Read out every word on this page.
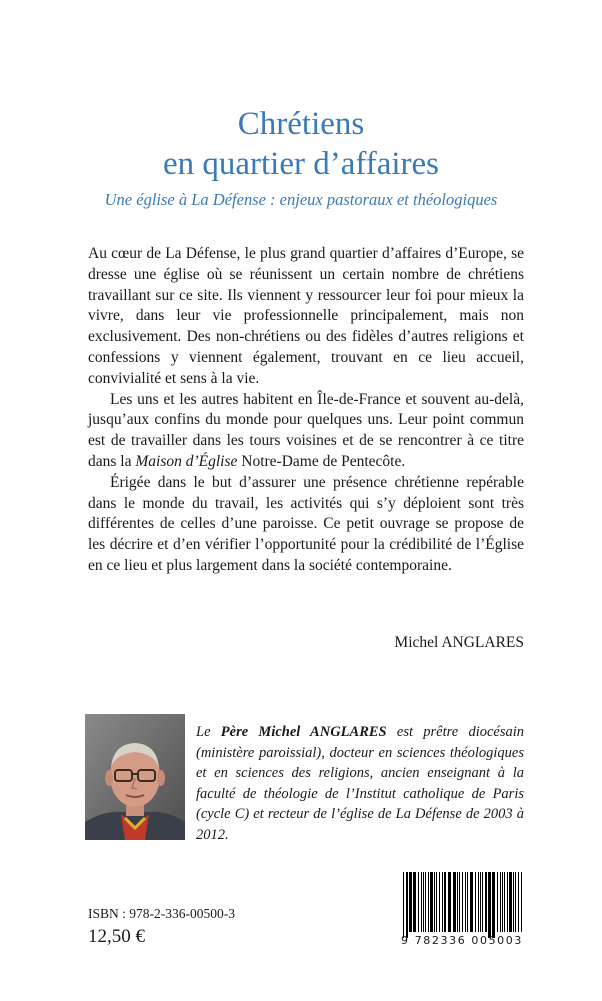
Chrétiens
en quartier d’affaires
Une église à La Défense : enjeux pastoraux et théologiques

Au cœur de La Défense, le plus grand quartier d’affaires d’Europe, se dresse une église où se réunissent un certain nombre de chrétiens travaillant sur ce site. Ils viennent y ressourcer leur foi pour mieux la vivre, dans leur vie professionnelle principalement, mais non exclusivement. Des non-chrétiens ou des fidèles d’autres religions et confessions y viennent également, trouvant en ce lieu accueil, convivialité et sens à la vie.

Les uns et les autres habitent en Île-de-France et souvent au-delà, jusqu’aux confins du monde pour quelques uns. Leur point commun est de travailler dans les tours voisines et de se rencontrer à ce titre dans la Maison d’Église Notre-Dame de Pentecôte.

Érigée dans le but d’assurer une présence chrétienne repérable dans le monde du travail, les activités qui s’y déploient sont très différentes de celles d’une paroisse. Ce petit ouvrage se propose de les décrire et d’en vérifier l’opportunité pour la crédibilité de l’Église en ce lieu et plus largement dans la société contemporaine.

Michel ANGLARES
Le Père Michel ANGLARES est prêtre diocésain (ministère paroissial), docteur en sciences théologiques et en sciences des religions, ancien enseignant à la faculté de théologie de l’Institut catholique de Paris (cycle C) et recteur de l’église de La Défense de 2003 à 2012.
ISBN : 978-2-336-00500-3
12,50 €	9 782336 005003
